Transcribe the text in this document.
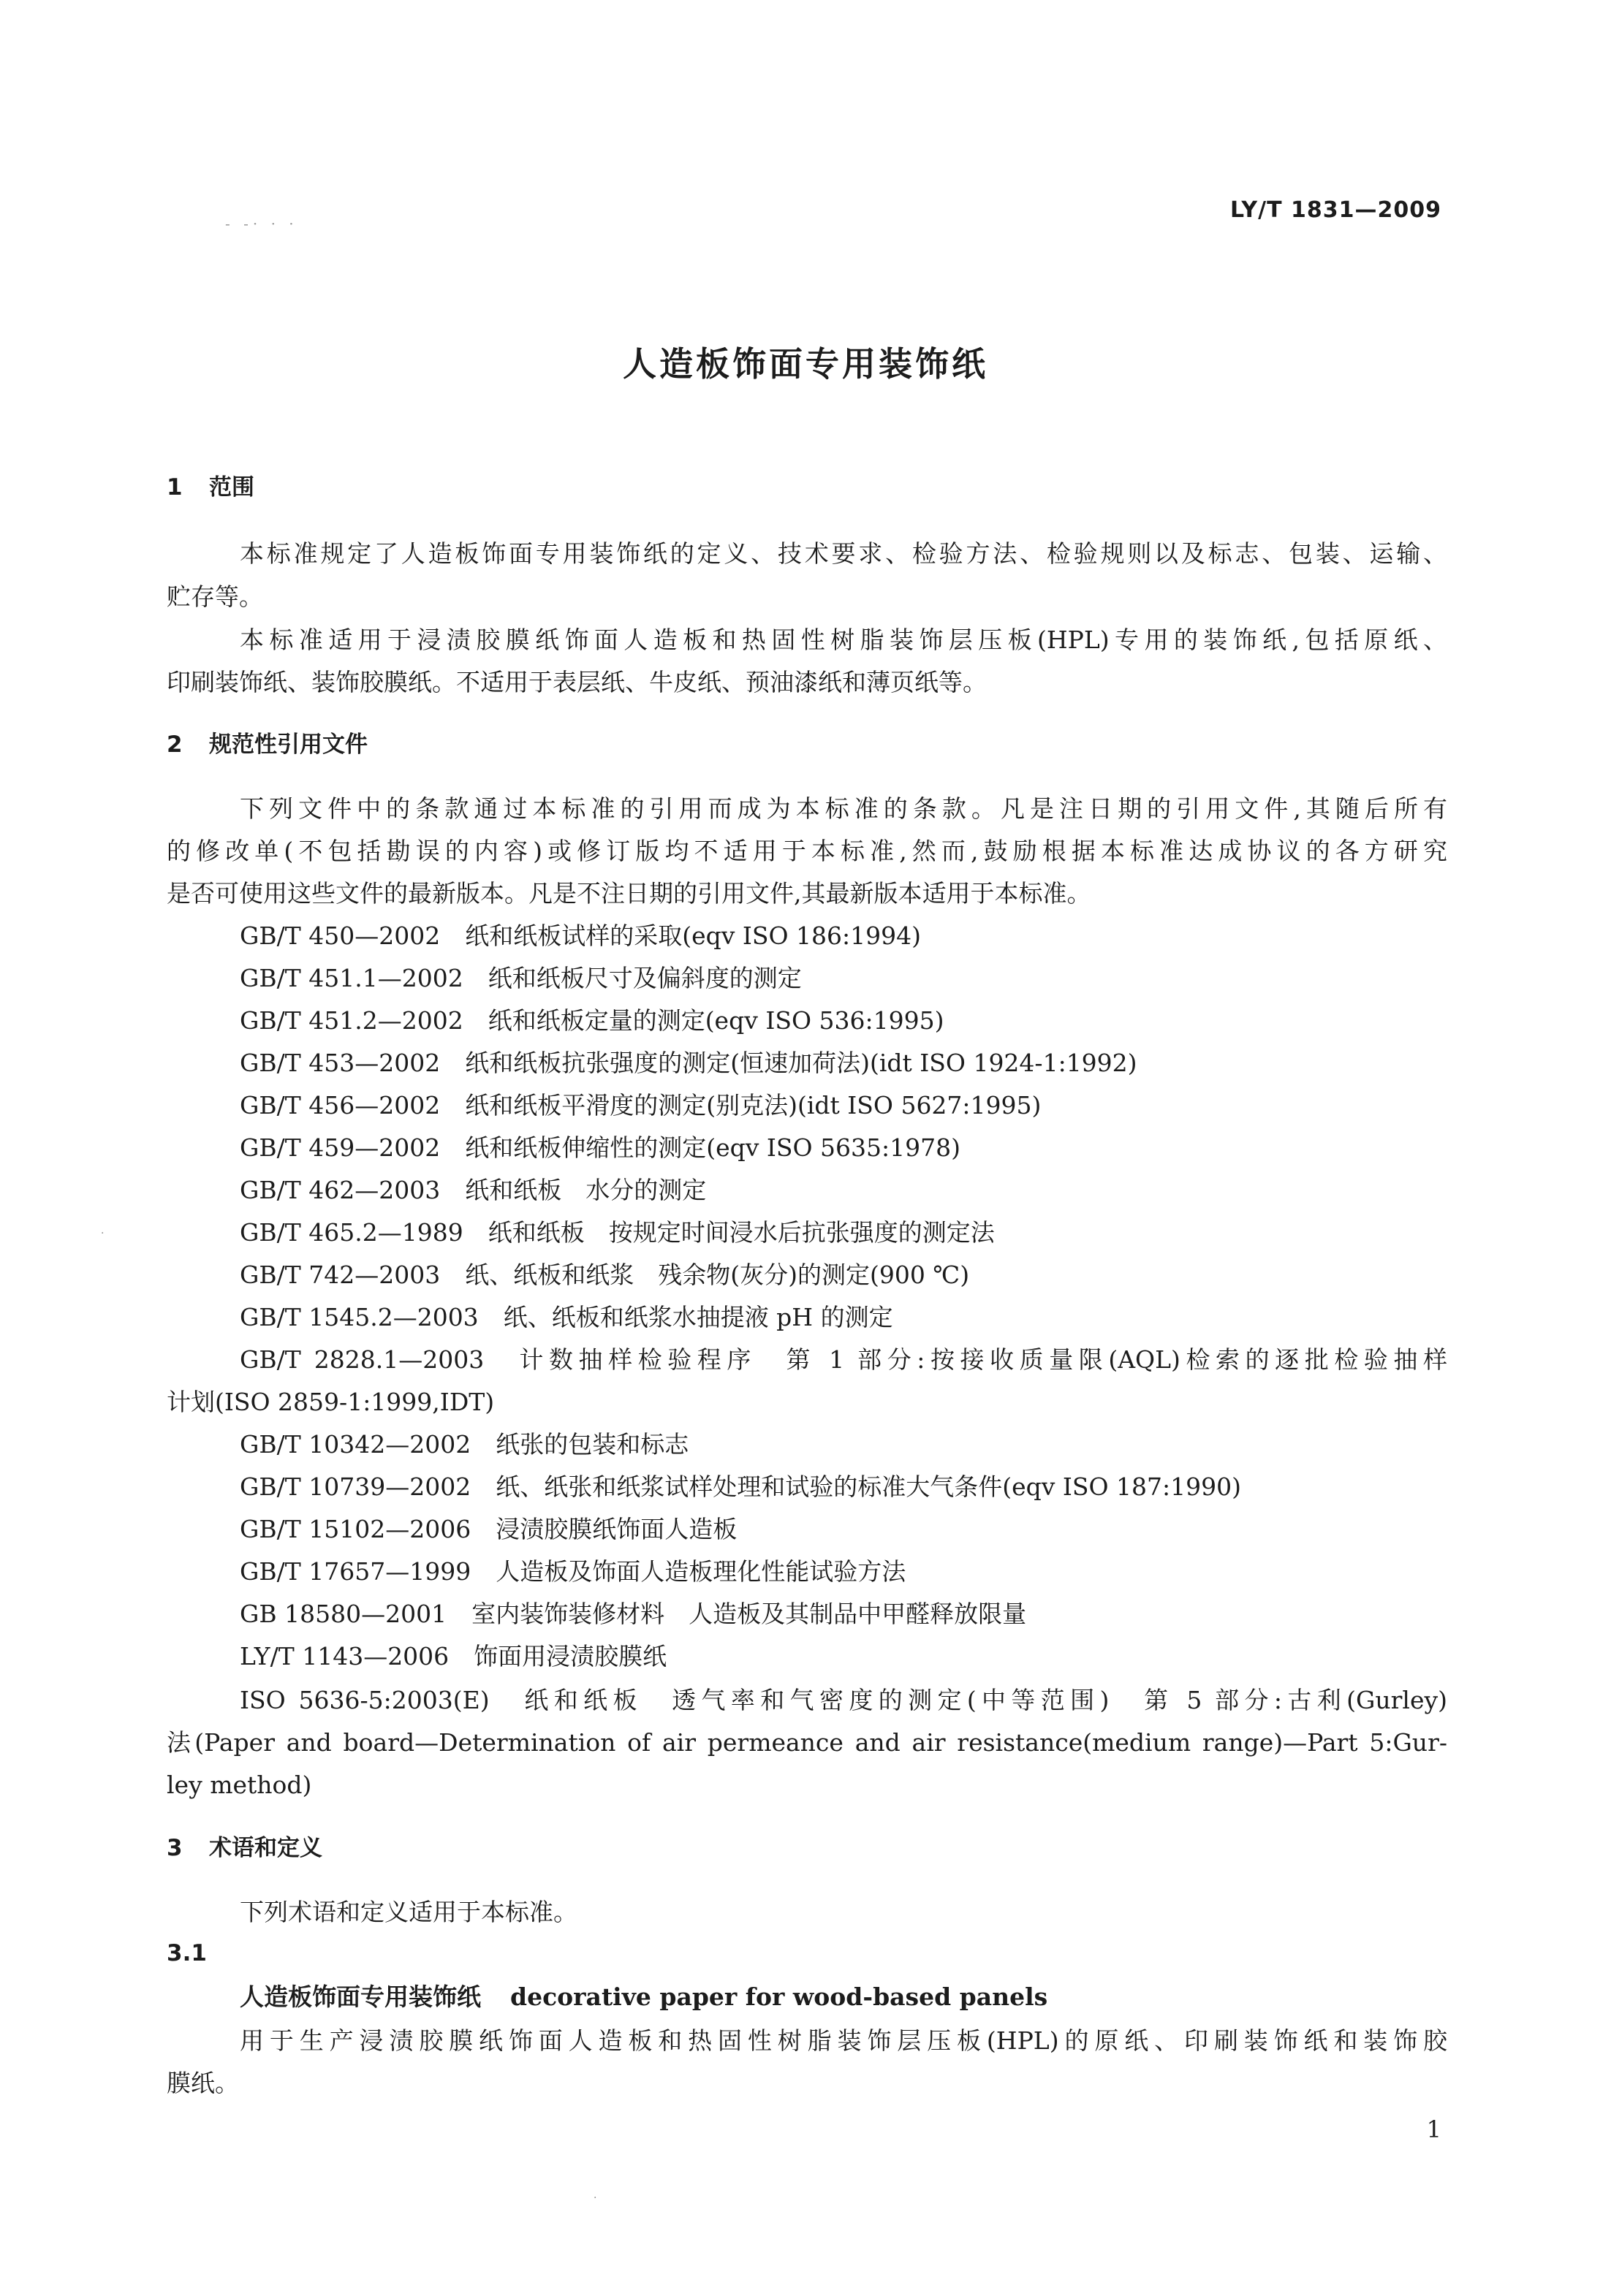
LY/T 1831—2009
- -· · ·
人造板饰面专用装饰纸
1 范围
本标准规定了人造板饰面专用装饰纸的定义、技术要求、检验方法、检验规则以及标志、包装、运输、
贮存等。
本标准适用于浸渍胶膜纸饰面人造板和热固性树脂装饰层压板(HPL)专用的装饰纸,包括原纸、
印刷装饰纸、装饰胶膜纸。不适用于表层纸、牛皮纸、预油漆纸和薄页纸等。
2 规范性引用文件
下列文件中的条款通过本标准的引用而成为本标准的条款。凡是注日期的引用文件,其随后所有
的修改单(不包括勘误的内容)或修订版均不适用于本标准,然而,鼓励根据本标准达成协议的各方研究
是否可使用这些文件的最新版本。凡是不注日期的引用文件,其最新版本适用于本标准。
GB/T 450—2002 纸和纸板试样的采取(eqv ISO 186:1994)
GB/T 451.1—2002 纸和纸板尺寸及偏斜度的测定
GB/T 451.2—2002 纸和纸板定量的测定(eqv ISO 536:1995)
GB/T 453—2002 纸和纸板抗张强度的测定(恒速加荷法)(idt ISO 1924-1:1992)
GB/T 456—2002 纸和纸板平滑度的测定(别克法)(idt ISO 5627:1995)
GB/T 459—2002 纸和纸板伸缩性的测定(eqv ISO 5635:1978)
GB/T 462—2003 纸和纸板　水分的测定
GB/T 465.2—1989 纸和纸板　按规定时间浸水后抗张强度的测定法
GB/T 742—2003 纸、纸板和纸浆　残余物(灰分)的测定(900 ℃)
GB/T 1545.2—2003 纸、纸板和纸浆水抽提液 pH 的测定
GB/T 2828.1—2003　计数抽样检验程序　第 1 部分:按接收质量限(AQL)检索的逐批检验抽样
计划(ISO 2859-1:1999,IDT)
GB/T 10342—2002 纸张的包装和标志
GB/T 10739—2002 纸、纸张和纸浆试样处理和试验的标准大气条件(eqv ISO 187:1990)
GB/T 15102—2006 浸渍胶膜纸饰面人造板
GB/T 17657—1999 人造板及饰面人造板理化性能试验方法
GB 18580—2001 室内装饰装修材料　人造板及其制品中甲醛释放限量
LY/T 1143—2006 饰面用浸渍胶膜纸
ISO 5636-5:2003(E)　纸和纸板　透气率和气密度的测定(中等范围)　第 5 部分:古利(Gurley)
法(Paper and board—Determination of air permeance and air resistance(medium range)—Part 5:Gur-
ley method)
3 术语和定义
下列术语和定义适用于本标准。
3.1
人造板饰面专用装饰纸 decorative paper for wood-based panels
用于生产浸渍胶膜纸饰面人造板和热固性树脂装饰层压板(HPL)的原纸、印刷装饰纸和装饰胶
膜纸。
1
·
·
